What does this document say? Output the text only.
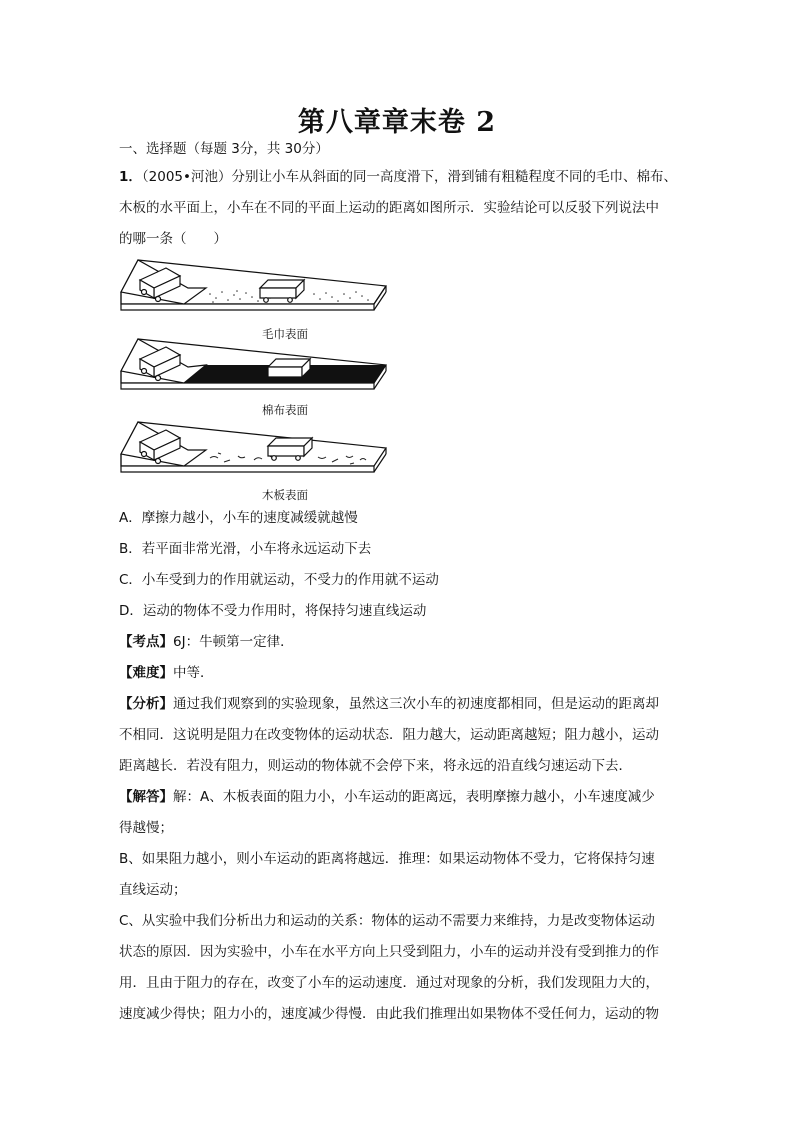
第八章章末卷 2
一、选择题（每题 3分，共 30分）
1．（2005•河池）分别让小车从斜面的同一高度滑下，滑到铺有粗糙程度不同的毛巾、棉布、
木板的水平面上，小车在不同的平面上运动的距离如图所示．实验结论可以反驳下列说法中
的哪一条（　　）
毛巾表面
棉布表面
木板表面
A．摩擦力越小，小车的速度减缓就越慢
B．若平面非常光滑，小车将永远运动下去
C．小车受到力的作用就运动，不受力的作用就不运动
D．运动的物体不受力作用时，将保持匀速直线运动
【考点】6J：牛顿第一定律．
【难度】中等．
【分析】通过我们观察到的实验现象，虽然这三次小车的初速度都相同，但是运动的距离却
不相同．这说明是阻力在改变物体的运动状态．阻力越大，运动距离越短；阻力越小，运动
距离越长．若没有阻力，则运动的物体就不会停下来，将永远的沿直线匀速运动下去．
【解答】解：A、木板表面的阻力小，小车运动的距离远，表明摩擦力越小，小车速度减少
得越慢；
B、如果阻力越小，则小车运动的距离将越远．推理：如果运动物体不受力，它将保持匀速
直线运动；
C、从实验中我们分析出力和运动的关系：物体的运动不需要力来维持，力是改变物体运动
状态的原因．因为实验中，小车在水平方向上只受到阻力，小车的运动并没有受到推力的作
用．且由于阻力的存在，改变了小车的运动速度．通过对现象的分析，我们发现阻力大的，
速度减少得快；阻力小的，速度减少得慢．由此我们推理出如果物体不受任何力，运动的物
